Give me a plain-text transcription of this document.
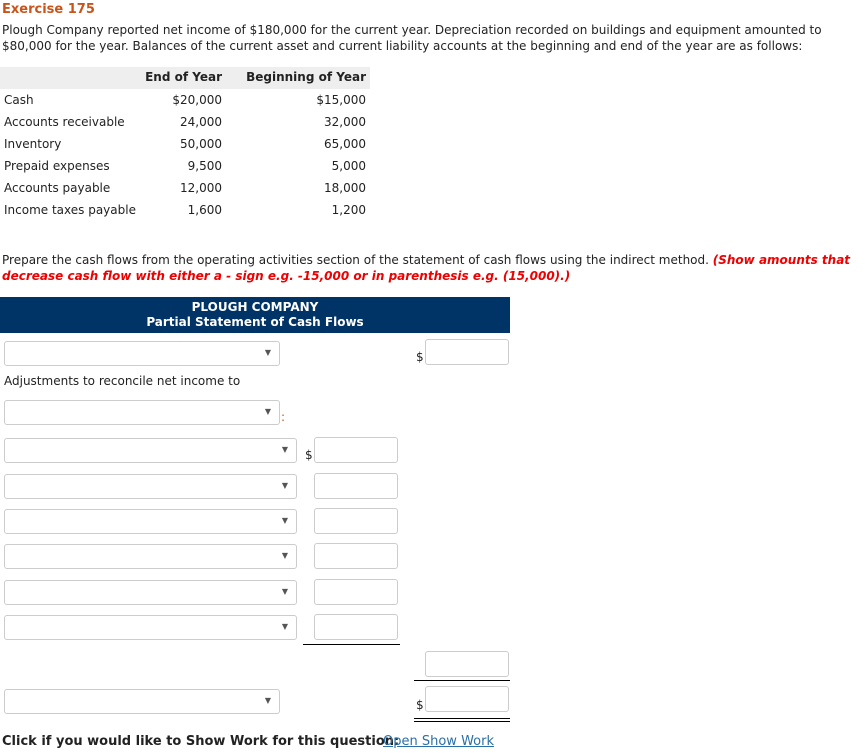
Exercise 175
Plough Company reported net income of $180,000 for the current year. Depreciation recorded on buildings and equipment amounted to $80,000 for the year. Balances of the current asset and current liability accounts at the beginning and end of the year are as follows:
End of Year Beginning of Year
Cash	$20,000	$15,000
Accounts receivable	24,000	32,000
Inventory	50,000	65,000
Prepaid expenses	9,500	5,000
Accounts payable	12,000	18,000
Income taxes payable	1,600	1,200
Prepare the cash flows from the operating activities section of the statement of cash flows using the indirect method. (Show amounts that decrease cash flow with either a - sign e.g. -15,000 or in parenthesis e.g. (15,000).)
PLOUGH COMPANY
Partial Statement of Cash Flows
▼	$
▼
▼ $
▼
▼
▼
▼
▼
▼	$
Adjustments to reconcile net income to
:
Click if you would like to Show Work for this question:
Open Show Work
